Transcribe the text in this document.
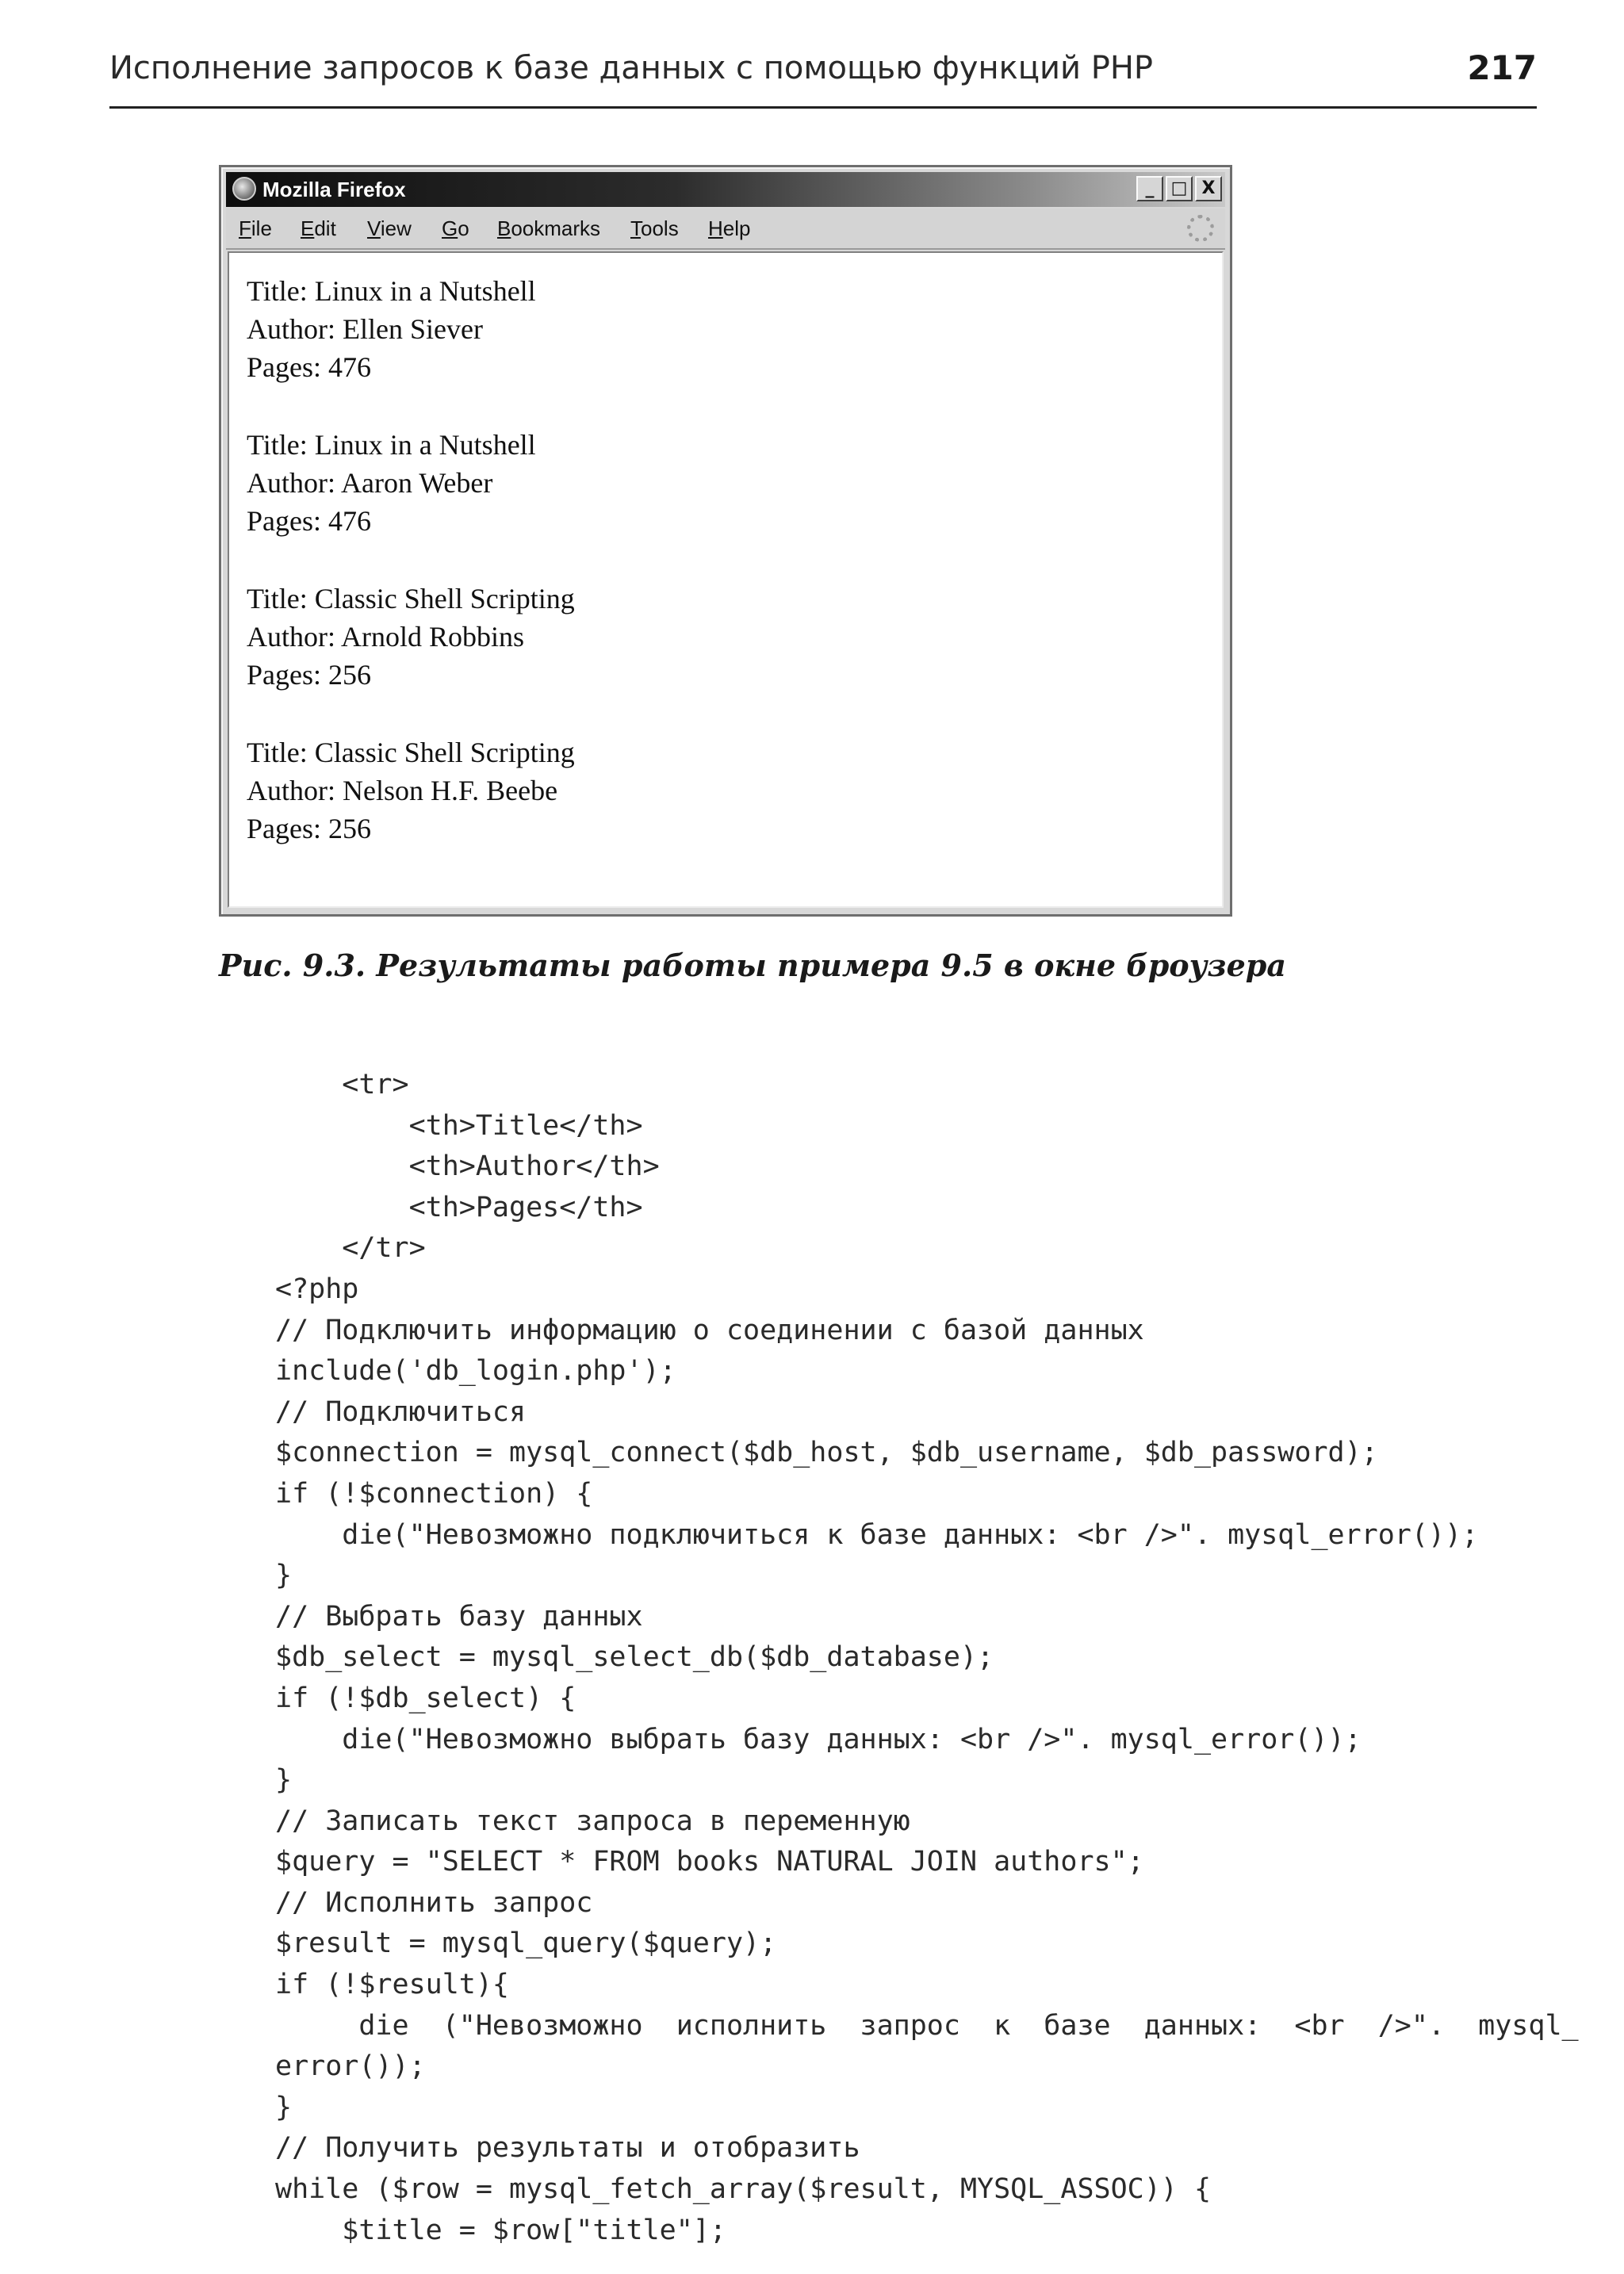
Исполнение запросов к базе данных с помощью функций PHP	217
Mozilla Firefox	_ □ X
File Edit View Go Bookmarks Tools Help
Title: Linux in a Nutshell
Author: Ellen Siever
Pages: 476
Title: Linux in a Nutshell
Author: Aaron Weber
Pages: 476
Title: Classic Shell Scripting
Author: Arnold Robbins
Pages: 256
Title: Classic Shell Scripting
Author: Nelson H.F. Beebe
Pages: 256
Рис. 9.3. Результаты работы примера 9.5 в окне броузера
<tr>
<th>Title</th>
<th>Author</th>
<th>Pages</th>
</tr>
<?php
// Подключить информацию о соединении с базой данных
include('db_login.php');
// Подключиться
$connection = mysql_connect($db_host, $db_username, $db_password);
if (!$connection) {
die("Невозможно подключиться к базе данных: <br />". mysql_error());
}
// Выбрать базу данных
$db_select = mysql_select_db($db_database);
if (!$db_select) {
die("Невозможно выбрать базу данных: <br />". mysql_error());
}
// Записать текст запроса в переменную
$query = "SELECT * FROM books NATURAL JOIN authors";
// Исполнить запрос
$result = mysql_query($query);
if (!$result){
die  ("Невозможно  исполнить  запрос  к  базе  данных:  <br  />".  mysql_
error());
}
// Получить результаты и отобразить
while ($row = mysql_fetch_array($result, MYSQL_ASSOC)) {
$title = $row["title"];
